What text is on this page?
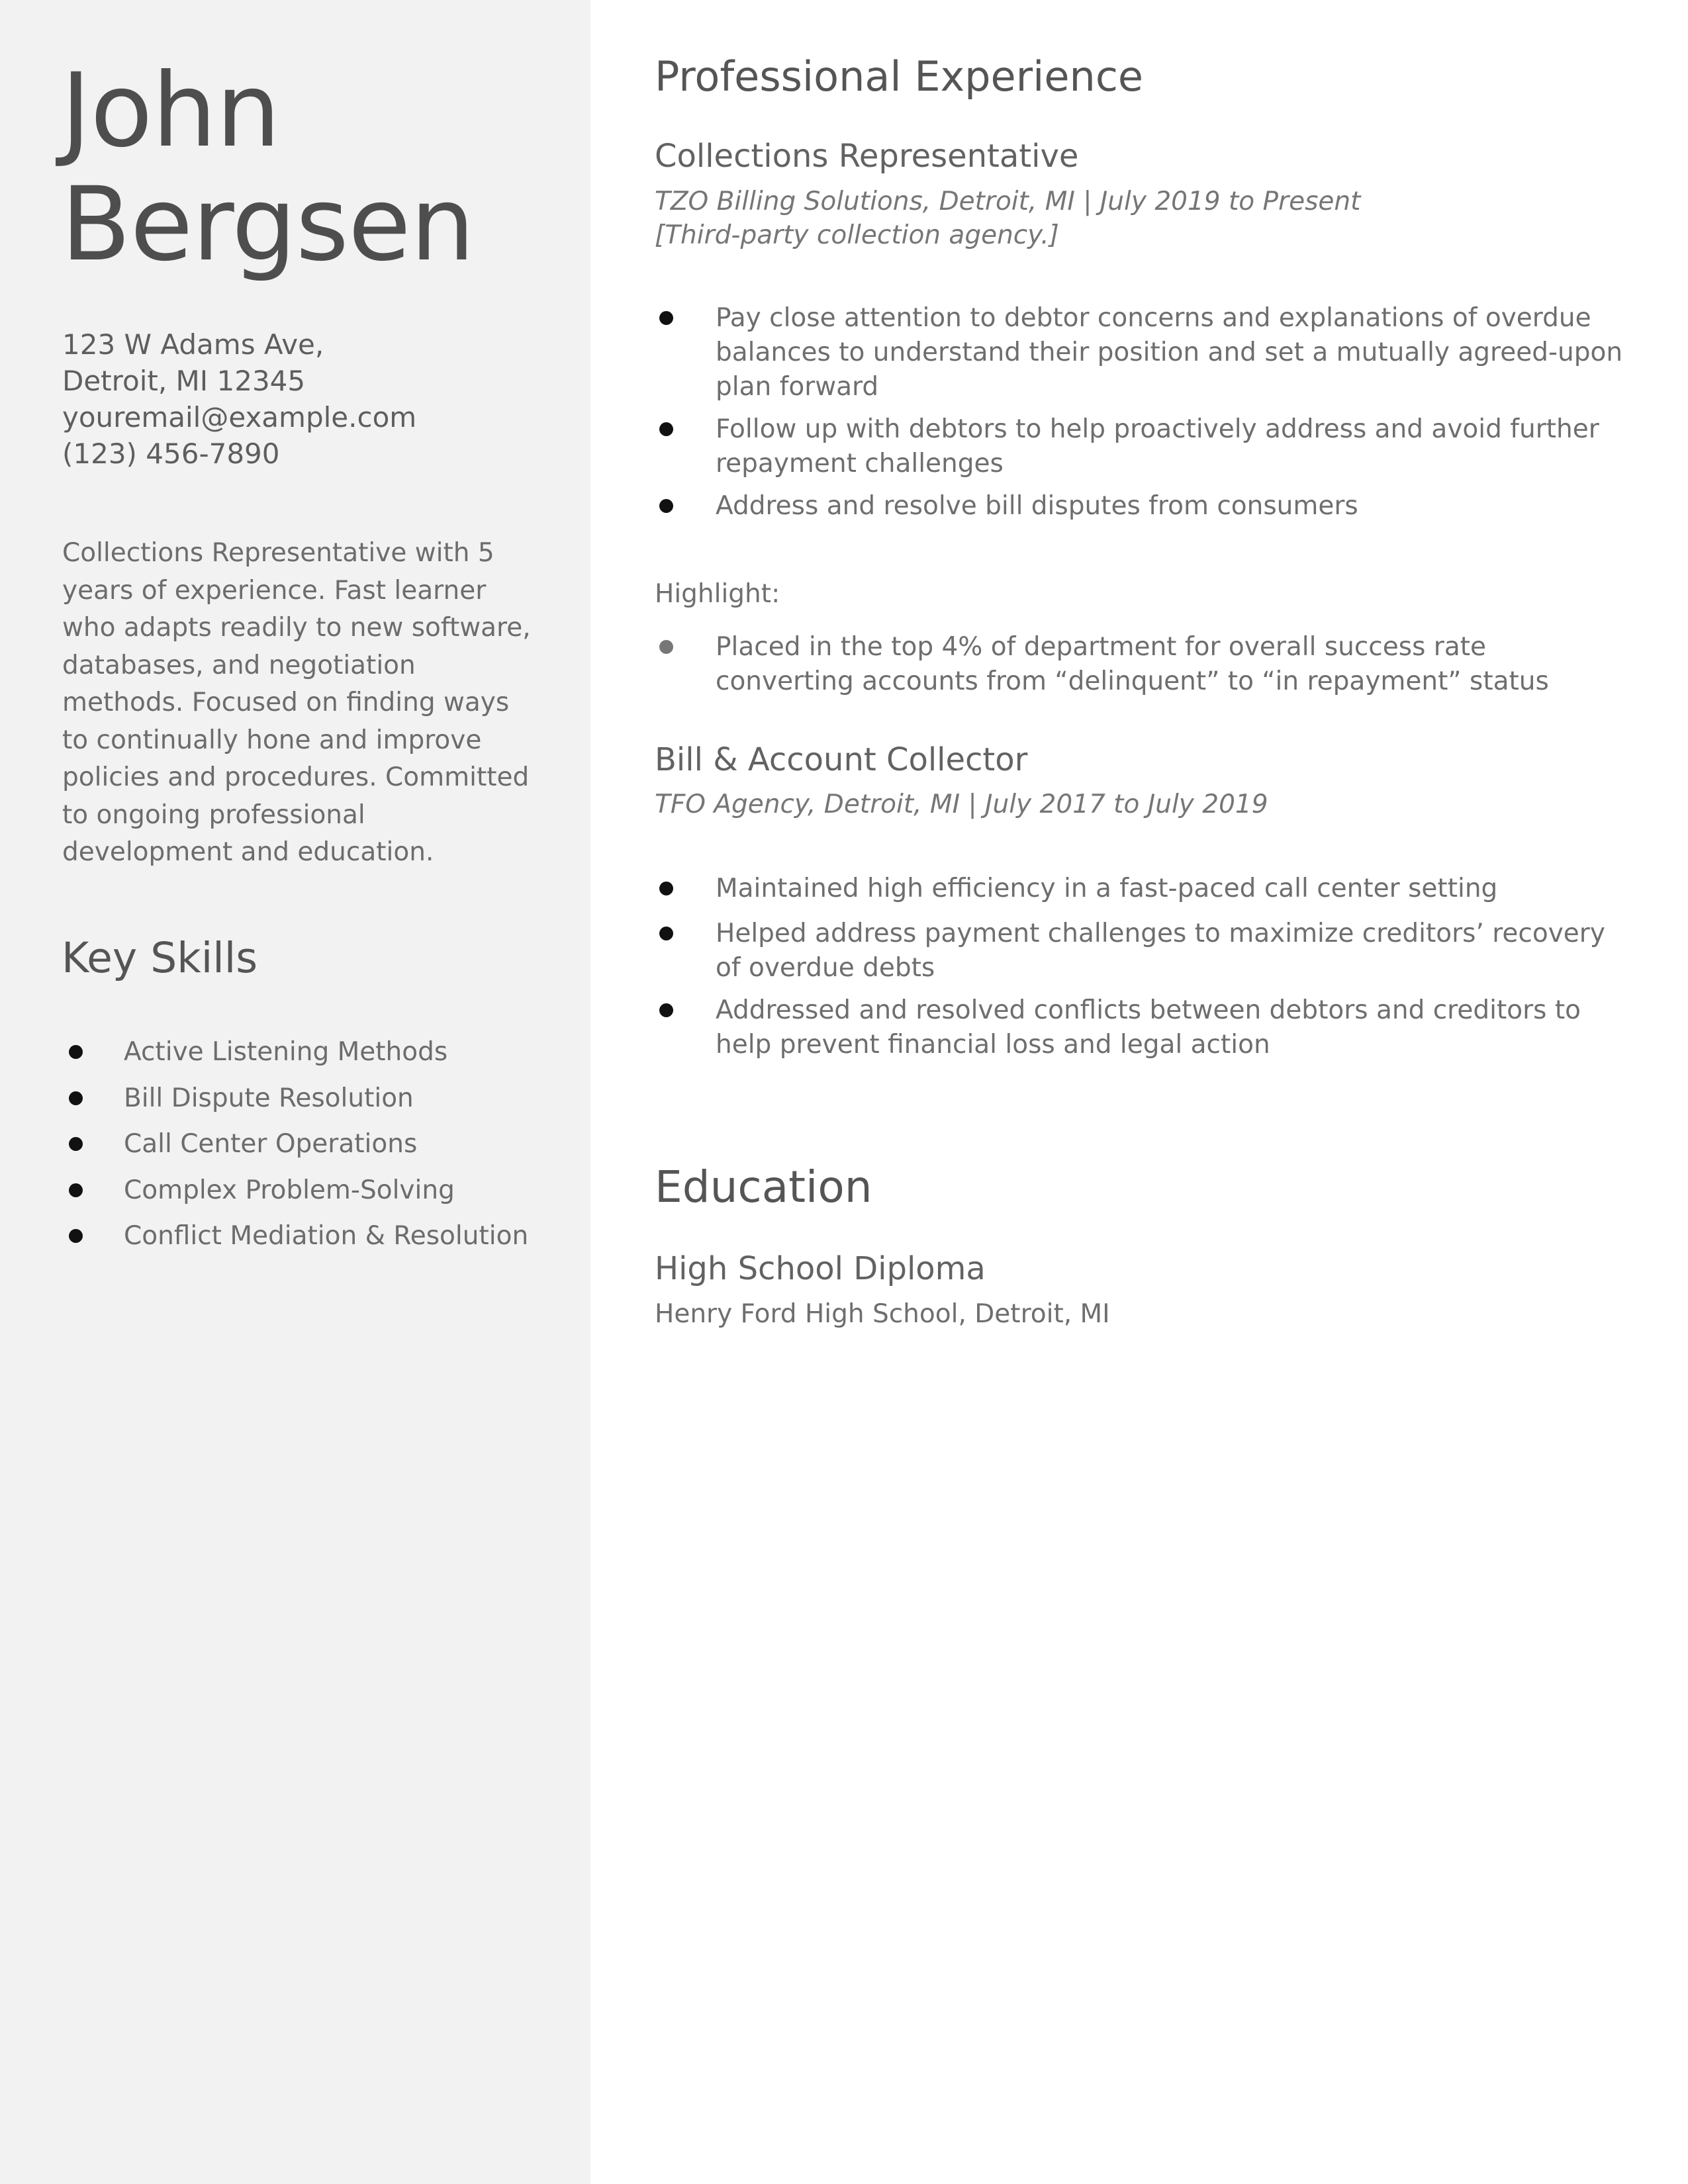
John
Bergsen
123 W Adams Ave,
Detroit, MI 12345
youremail@example.com
(123) 456-7890

Collections Representative with 5 years of experience. Fast learner who adapts readily to new software, databases, and negotiation methods. Focused on finding ways to continually hone and improve policies and procedures. Committed to ongoing professional development and education.

Key Skills
Active Listening Methods
Bill Dispute Resolution
Call Center Operations
Complex Problem-Solving
Conflict Mediation & Resolution
Professional Experience
Collections Representative
TZO Billing Solutions, Detroit, MI | July 2019 to Present
[Third-party collection agency.]
Pay close attention to debtor concerns and explanations of overdue balances to understand their position and set a mutually agreed-upon plan forward
Follow up with debtors to help proactively address and avoid further repayment challenges
Address and resolve bill disputes from consumers
Highlight:
Placed in the top 4% of department for overall success rate converting accounts from “delinquent” to “in repayment” status
Bill & Account Collector
TFO Agency, Detroit, MI | July 2017 to July 2019
Maintained high efficiency in a fast-paced call center setting
Helped address payment challenges to maximize creditors’ recovery of overdue debts
Addressed and resolved conflicts between debtors and creditors to help prevent financial loss and legal action
Education
High School Diploma
Henry Ford High School, Detroit, MI
